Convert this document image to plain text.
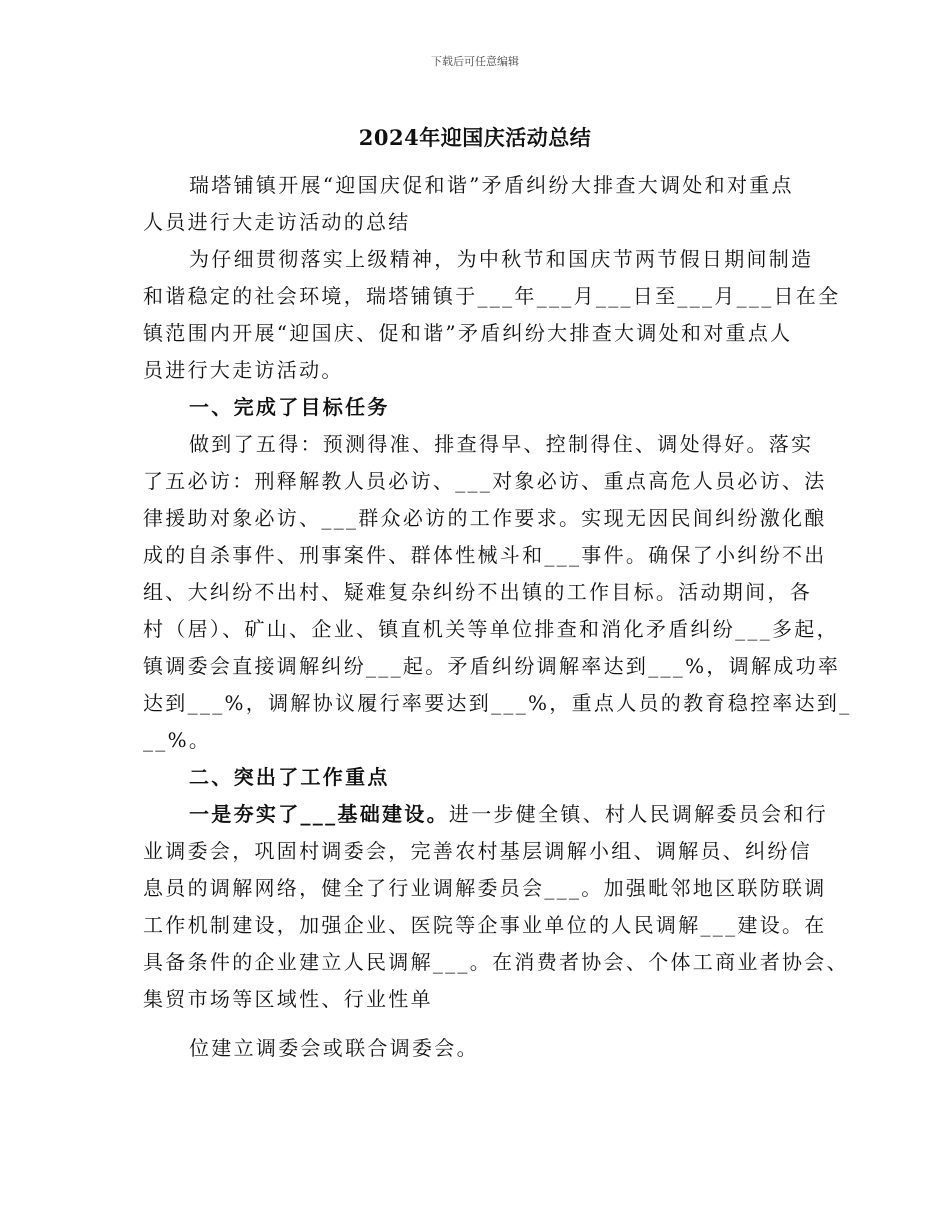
下载后可任意编辑
2024年迎国庆活动总结
瑞塔铺镇开展“迎国庆促和谐”矛盾纠纷大排查大调处和对重点
人员进行大走访活动的总结
为仔细贯彻落实上级精神，为中秋节和国庆节两节假日期间制造
和谐稳定的社会环境，瑞塔铺镇于___年___月___日至___月___日在全
镇范围内开展“迎国庆、促和谐”矛盾纠纷大排查大调处和对重点人
员进行大走访活动。
一、完成了目标任务
做到了五得：预测得准、排查得早、控制得住、调处得好。落实
了五必访：刑释解教人员必访、___对象必访、重点高危人员必访、法
律援助对象必访、___群众必访的工作要求。实现无因民间纠纷激化酿
成的自杀事件、刑事案件、群体性械斗和___事件。确保了小纠纷不出
组、大纠纷不出村、疑难复杂纠纷不出镇的工作目标。活动期间，各
村（居）、矿山、企业、镇直机关等单位排查和消化矛盾纠纷___多起，
镇调委会直接调解纠纷___起。矛盾纠纷调解率达到___%，调解成功率
达到___%，调解协议履行率要达到___%，重点人员的教育稳控率达到_
__%。
二、突出了工作重点
一是夯实了___基础建设。进一步健全镇、村人民调解委员会和行
业调委会，巩固村调委会，完善农村基层调解小组、调解员、纠纷信
息员的调解网络，健全了行业调解委员会___。加强毗邻地区联防联调
工作机制建设，加强企业、医院等企事业单位的人民调解___建设。在
具备条件的企业建立人民调解___。在消费者协会、个体工商业者协会、
集贸市场等区域性、行业性单
位建立调委会或联合调委会。
